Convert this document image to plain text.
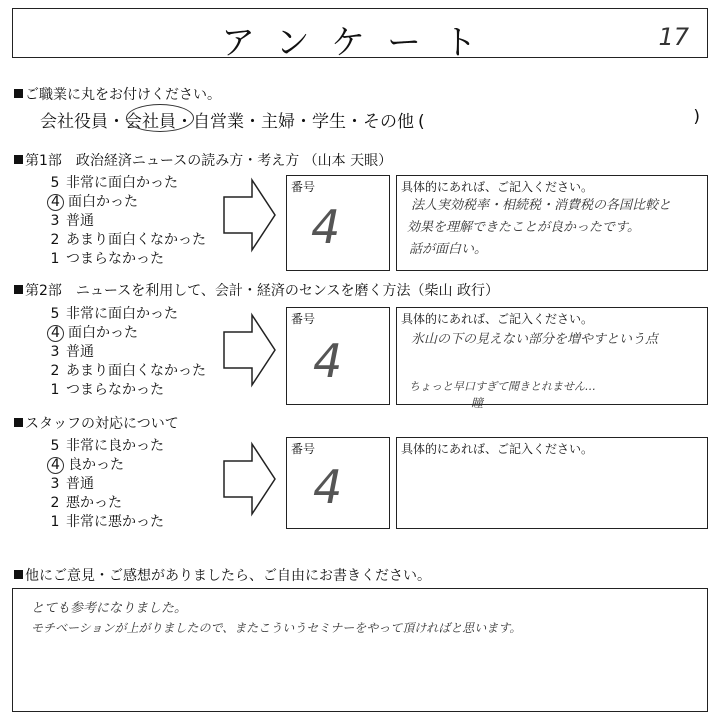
アンケート	17
ご職業に丸をお付けください。
会社役員・会社員・自営業・主婦・学生・その他 (	)
第1部　政治経済ニュースの読み方・考え方 （山本 天眼）
5 非常に面白かった
4 面白かった
3 普通
2 あまり面白くなかった
1 つまらなかった
番号
4
具体的にあれば、ご記入ください。
法人実効税率・相続税・消費税の各国比較と
効果を理解できたことが良かったです。
話が面白い。
第2部　ニュースを利用して、会計・経済のセンスを磨く方法（柴山 政行）
5 非常に面白かった
4 面白かった
3 普通
2 あまり面白くなかった
1 つまらなかった
番号
4
具体的にあれば、ご記入ください。
氷山の下の見えない部分を増やすという点
ちょっと早口すぎて聞きとれません…
瞳
スタッフの対応について
5 非常に良かった
4 良かった
3 普通
2 悪かった
1 非常に悪かった
番号
4
具体的にあれば、ご記入ください。
他にご意見・ご感想がありましたら、ご自由にお書きください。
とても参考になりました。
モチベーションが上がりましたので、またこういうセミナーをやって頂ければと思います。
